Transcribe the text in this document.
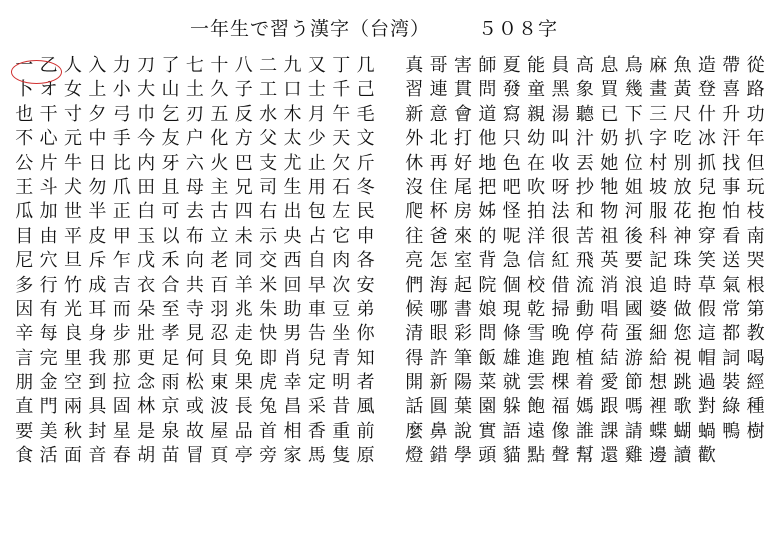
一年生で習う漢字（台湾）	５０８字
一 乙 人 入 力 刀 了 七 十 八 二 九 又 丁 几
卜 オ 女 上 小 大 山 土 久 子 工 口 士 千 己
也 干 寸 夕 弓 巾 乞 刃 五 反 水 木 月 午 毛
不 心 元 中 手 今 友 户 化 方 父 太 少 天 文
公 片 牛 日 比 内 牙 六 火 巴 支 尤 止 欠 斤
王 斗 犬 勿 爪 田 且 母 主 兄 司 生 用 石 冬
瓜 加 世 半 正 白 可 去 古 四 右 出 包 左 民
目 由 平 皮 甲 玉 以 布 立 未 示 央 占 它 申
尼 穴 旦 斥 乍 戊 禾 向 老 同 交 西 自 肉 各
多 行 竹 成 吉 衣 合 共 百 羊 米 回 早 次 安
因 有 光 耳 而 朵 至 寺 羽 兆 朱 助 車 豆 弟
辛 每 良 身 步 壯 孝 見 忍 走 快 男 告 坐 你
言 完 里 我 那 更 足 何 貝 免 即 肖 兒 青 知
朋 金 空 到 拉 念 雨 松 東 果 虎 幸 定 明 者
直 門 兩 具 固 林 京 或 波 長 兔 昌 采 昔 風
要 美 秋 封 星 是 泉 故 屋 品 首 相 香 重 前
食 活 面 音 春 胡 苗 冒 頁 亭 旁 家 馬 隻 原
真 哥 害 師 夏 能 員 高 息 鳥 麻 魚 造 帶 從
習 連 貫 問 發 童 黑 象 買 幾 畫 黃 登 喜 路
新 意 會 道 寫 親 湯 聽 已 下 三 尺 什 升 功
外 北 打 他 只 幼 叫 汁 奶 扒 字 吃 冰 汗 年
休 再 好 地 色 在 收 丟 她 位 村 別 抓 找 但
沒 住 尾 把 吧 吹 呀 抄 牠 姐 坡 放 兒 事 玩
爬 杯 房 姊 怪 拍 法 和 物 河 服 花 抱 怕 枝
往 爸 來 的 呢 洋 很 苦 祖 後 科 神 穿 看 南
亮 怎 室 背 急 信 紅 飛 英 要 記 珠 笑 送 哭
們 海 起 院 個 校 借 流 消 浪 追 時 草 氣 根
候 哪 書 娘 現 乾 掃 動 唱 國 婆 做 假 常 第
清 眼 彩 問 條 雪 晚 停 荷 蛋 細 您 這 都 教
得 許 筆 飯 雄 進 跑 植 結 游 給 視 帽 詞 喝
開 新 陽 菜 就 雲 棵 着 愛 節 想 跳 過 裝 經
話 圓 葉 園 躲 飽 福 媽 跟 嗎 裡 歌 對 綠 種
麼 鼻 說 實 語 遠 像 誰 課 請 蝶 蝴 蝸 鴨 樹
燈 錯 學 頭 貓 點 聲 幫 還 雞 邊 讀 歡
